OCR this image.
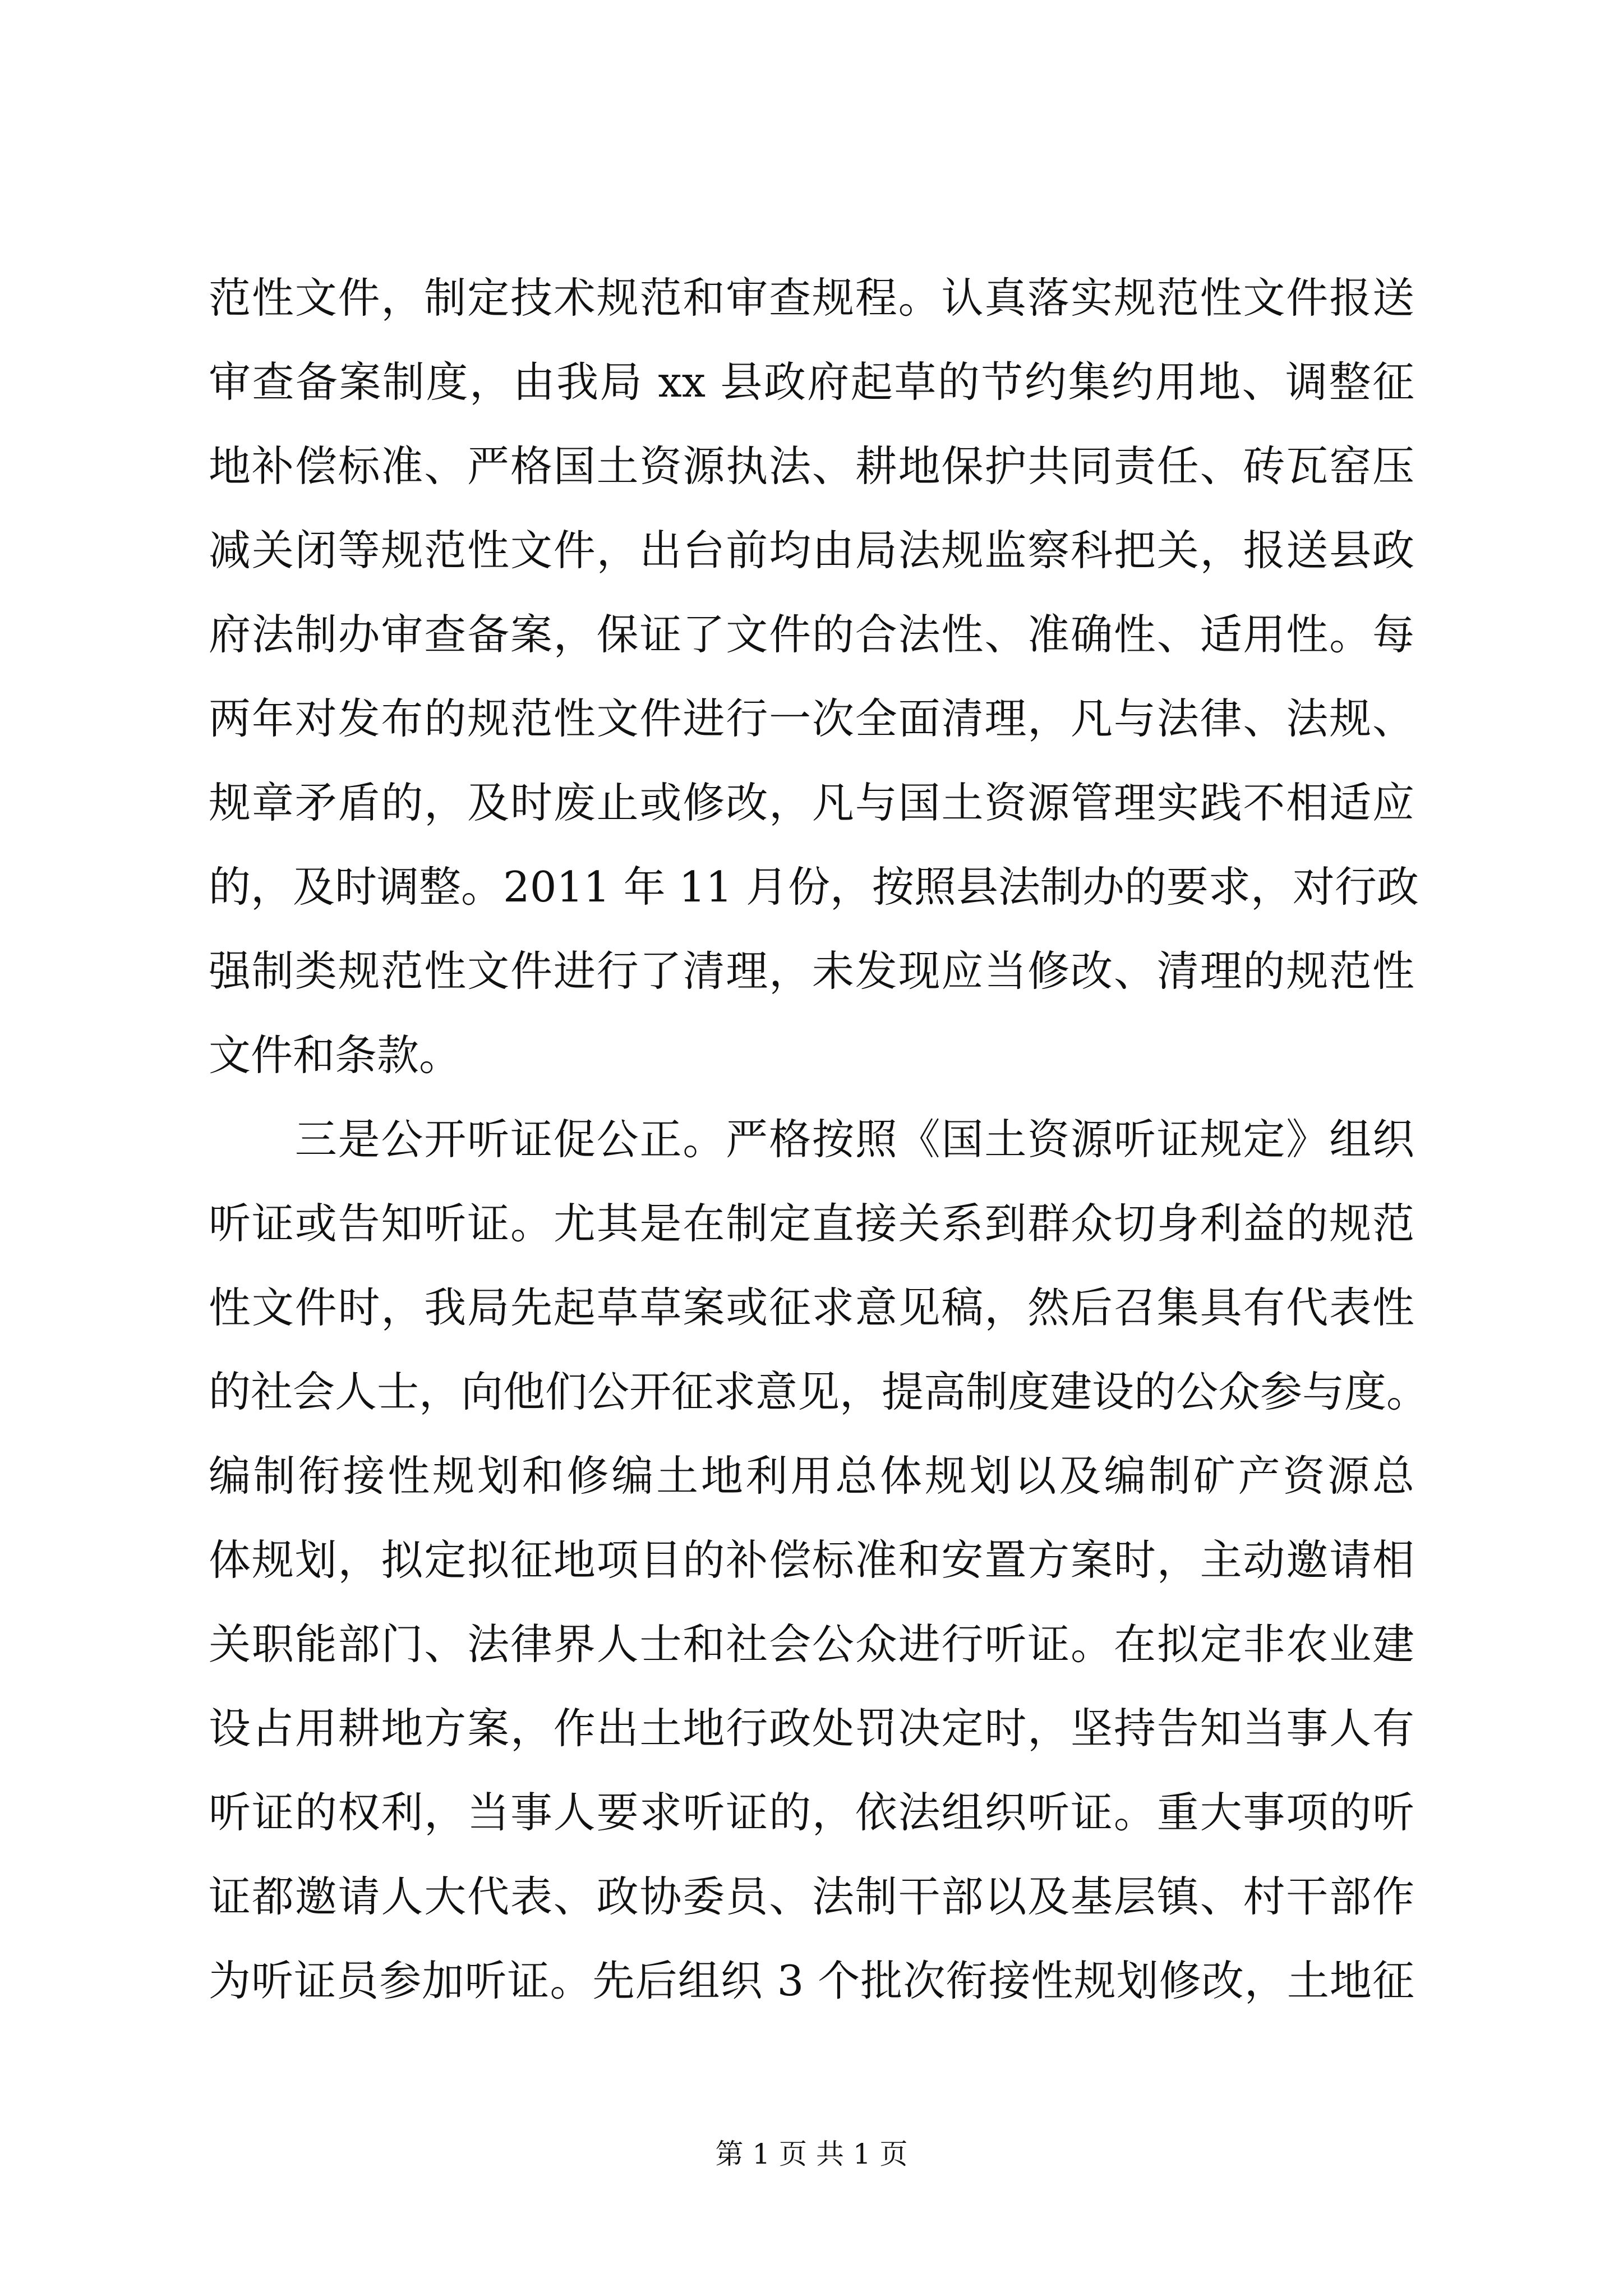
范性文件，制定技术规范和审查规程。认真落实规范性文件报送
审查备案制度，由我局 xx 县政府起草的节约集约用地、调整征
地补偿标准、严格国土资源执法、耕地保护共同责任、砖瓦窑压
减关闭等规范性文件，出台前均由局法规监察科把关，报送县政
府法制办审查备案，保证了文件的合法性、准确性、适用性。每
两年对发布的规范性文件进行一次全面清理，凡与法律、法规、
规章矛盾的，及时废止或修改，凡与国土资源管理实践不相适应
的，及时调整。2011 年 11 月份，按照县法制办的要求，对行政
强制类规范性文件进行了清理，未发现应当修改、清理的规范性
文件和条款。
　　三是公开听证促公正。严格按照《国土资源听证规定》组织
听证或告知听证。尤其是在制定直接关系到群众切身利益的规范
性文件时，我局先起草草案或征求意见稿，然后召集具有代表性
的社会人士，向他们公开征求意见，提高制度建设的公众参与度。
编制衔接性规划和修编土地利用总体规划以及编制矿产资源总
体规划，拟定拟征地项目的补偿标准和安置方案时，主动邀请相
关职能部门、法律界人士和社会公众进行听证。在拟定非农业建
设占用耕地方案，作出土地行政处罚决定时，坚持告知当事人有
听证的权利，当事人要求听证的，依法组织听证。重大事项的听
证都邀请人大代表、政协委员、法制干部以及基层镇、村干部作
为听证员参加听证。先后组织 3 个批次衔接性规划修改，土地征
第 1 页 共 1 页
